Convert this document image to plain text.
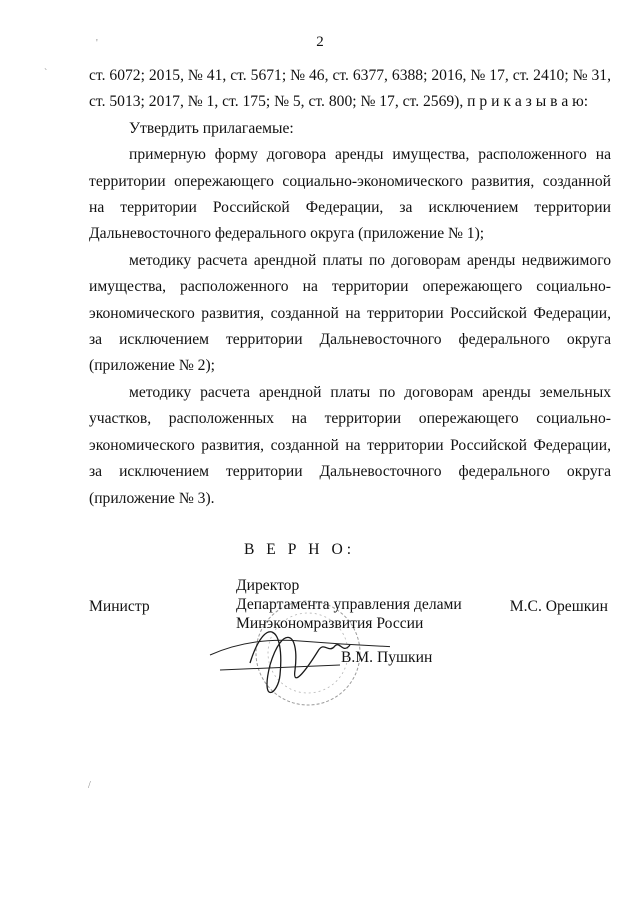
2
'
`
/

ст. 6072; 2015, № 41, ст. 5671; № 46, ст. 6377, 6388; 2016, № 17, ст. 2410; № 31, ст. 5013; 2017, № 1, ст. 175; № 5, ст. 800; № 17, ст. 2569), п р и к а з ы в а ю:

Утвердить прилагаемые:

примерную форму договора аренды имущества, расположенного на территории опережающего социально-экономического развития, созданной на территории Российской Федерации, за исключением территории Дальневосточного федерального округа (приложение № 1);

методику расчета арендной платы по договорам аренды недвижимого имущества, расположенного на территории опережающего социально-экономического развития, созданной на территории Российской Федерации, за исключением территории Дальневосточного федерального округа (приложение № 2);

методику расчета арендной платы по договорам аренды земельных участков, расположенных на территории опережающего социально-экономического развития, созданной на территории Российской Федерации, за исключением территории Дальневосточного федерального округа (приложение № 3).

В Е Р Н О:
Министр	М.С. Орешкин
Директор
Департамента управления делами
Минэкономразвития России
В.М. Пушкин
